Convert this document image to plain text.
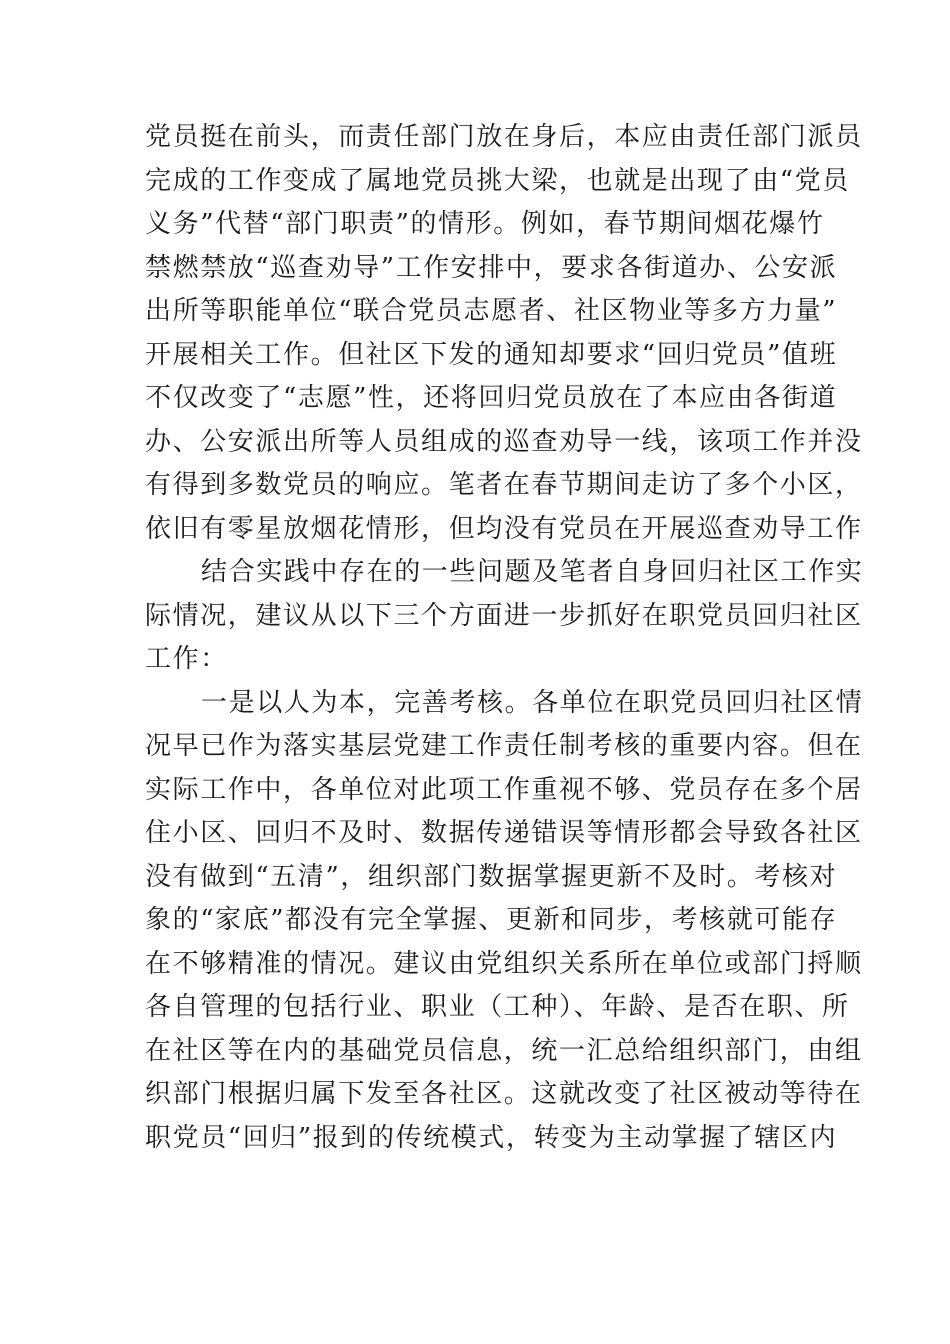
党员挺在前头，而责任部门放在身后，本应由责任部门派员
完成的工作变成了属地党员挑大梁，也就是出现了由“党员
义务”代替“部门职责”的情形。例如，春节期间烟花爆竹
禁燃禁放“巡查劝导”工作安排中，要求各街道办、公安派
出所等职能单位“联合党员志愿者、社区物业等多方力量”
开展相关工作。但社区下发的通知却要求“回归党员”值班
不仅改变了“志愿”性，还将回归党员放在了本应由各街道
办、公安派出所等人员组成的巡查劝导一线，该项工作并没
有得到多数党员的响应。笔者在春节期间走访了多个小区，
依旧有零星放烟花情形，但均没有党员在开展巡查劝导工作
结合实践中存在的一些问题及笔者自身回归社区工作实
际情况，建议从以下三个方面进一步抓好在职党员回归社区
工作：
一是以人为本，完善考核。各单位在职党员回归社区情
况早已作为落实基层党建工作责任制考核的重要内容。但在
实际工作中，各单位对此项工作重视不够、党员存在多个居
住小区、回归不及时、数据传递错误等情形都会导致各社区
没有做到“五清”，组织部门数据掌握更新不及时。考核对
象的“家底”都没有完全掌握、更新和同步，考核就可能存
在不够精准的情况。建议由党组织关系所在单位或部门捋顺
各自管理的包括行业、职业（工种）、年龄、是否在职、所
在社区等在内的基础党员信息，统一汇总给组织部门，由组
织部门根据归属下发至各社区。这就改变了社区被动等待在
职党员“回归”报到的传统模式，转变为主动掌握了辖区内
